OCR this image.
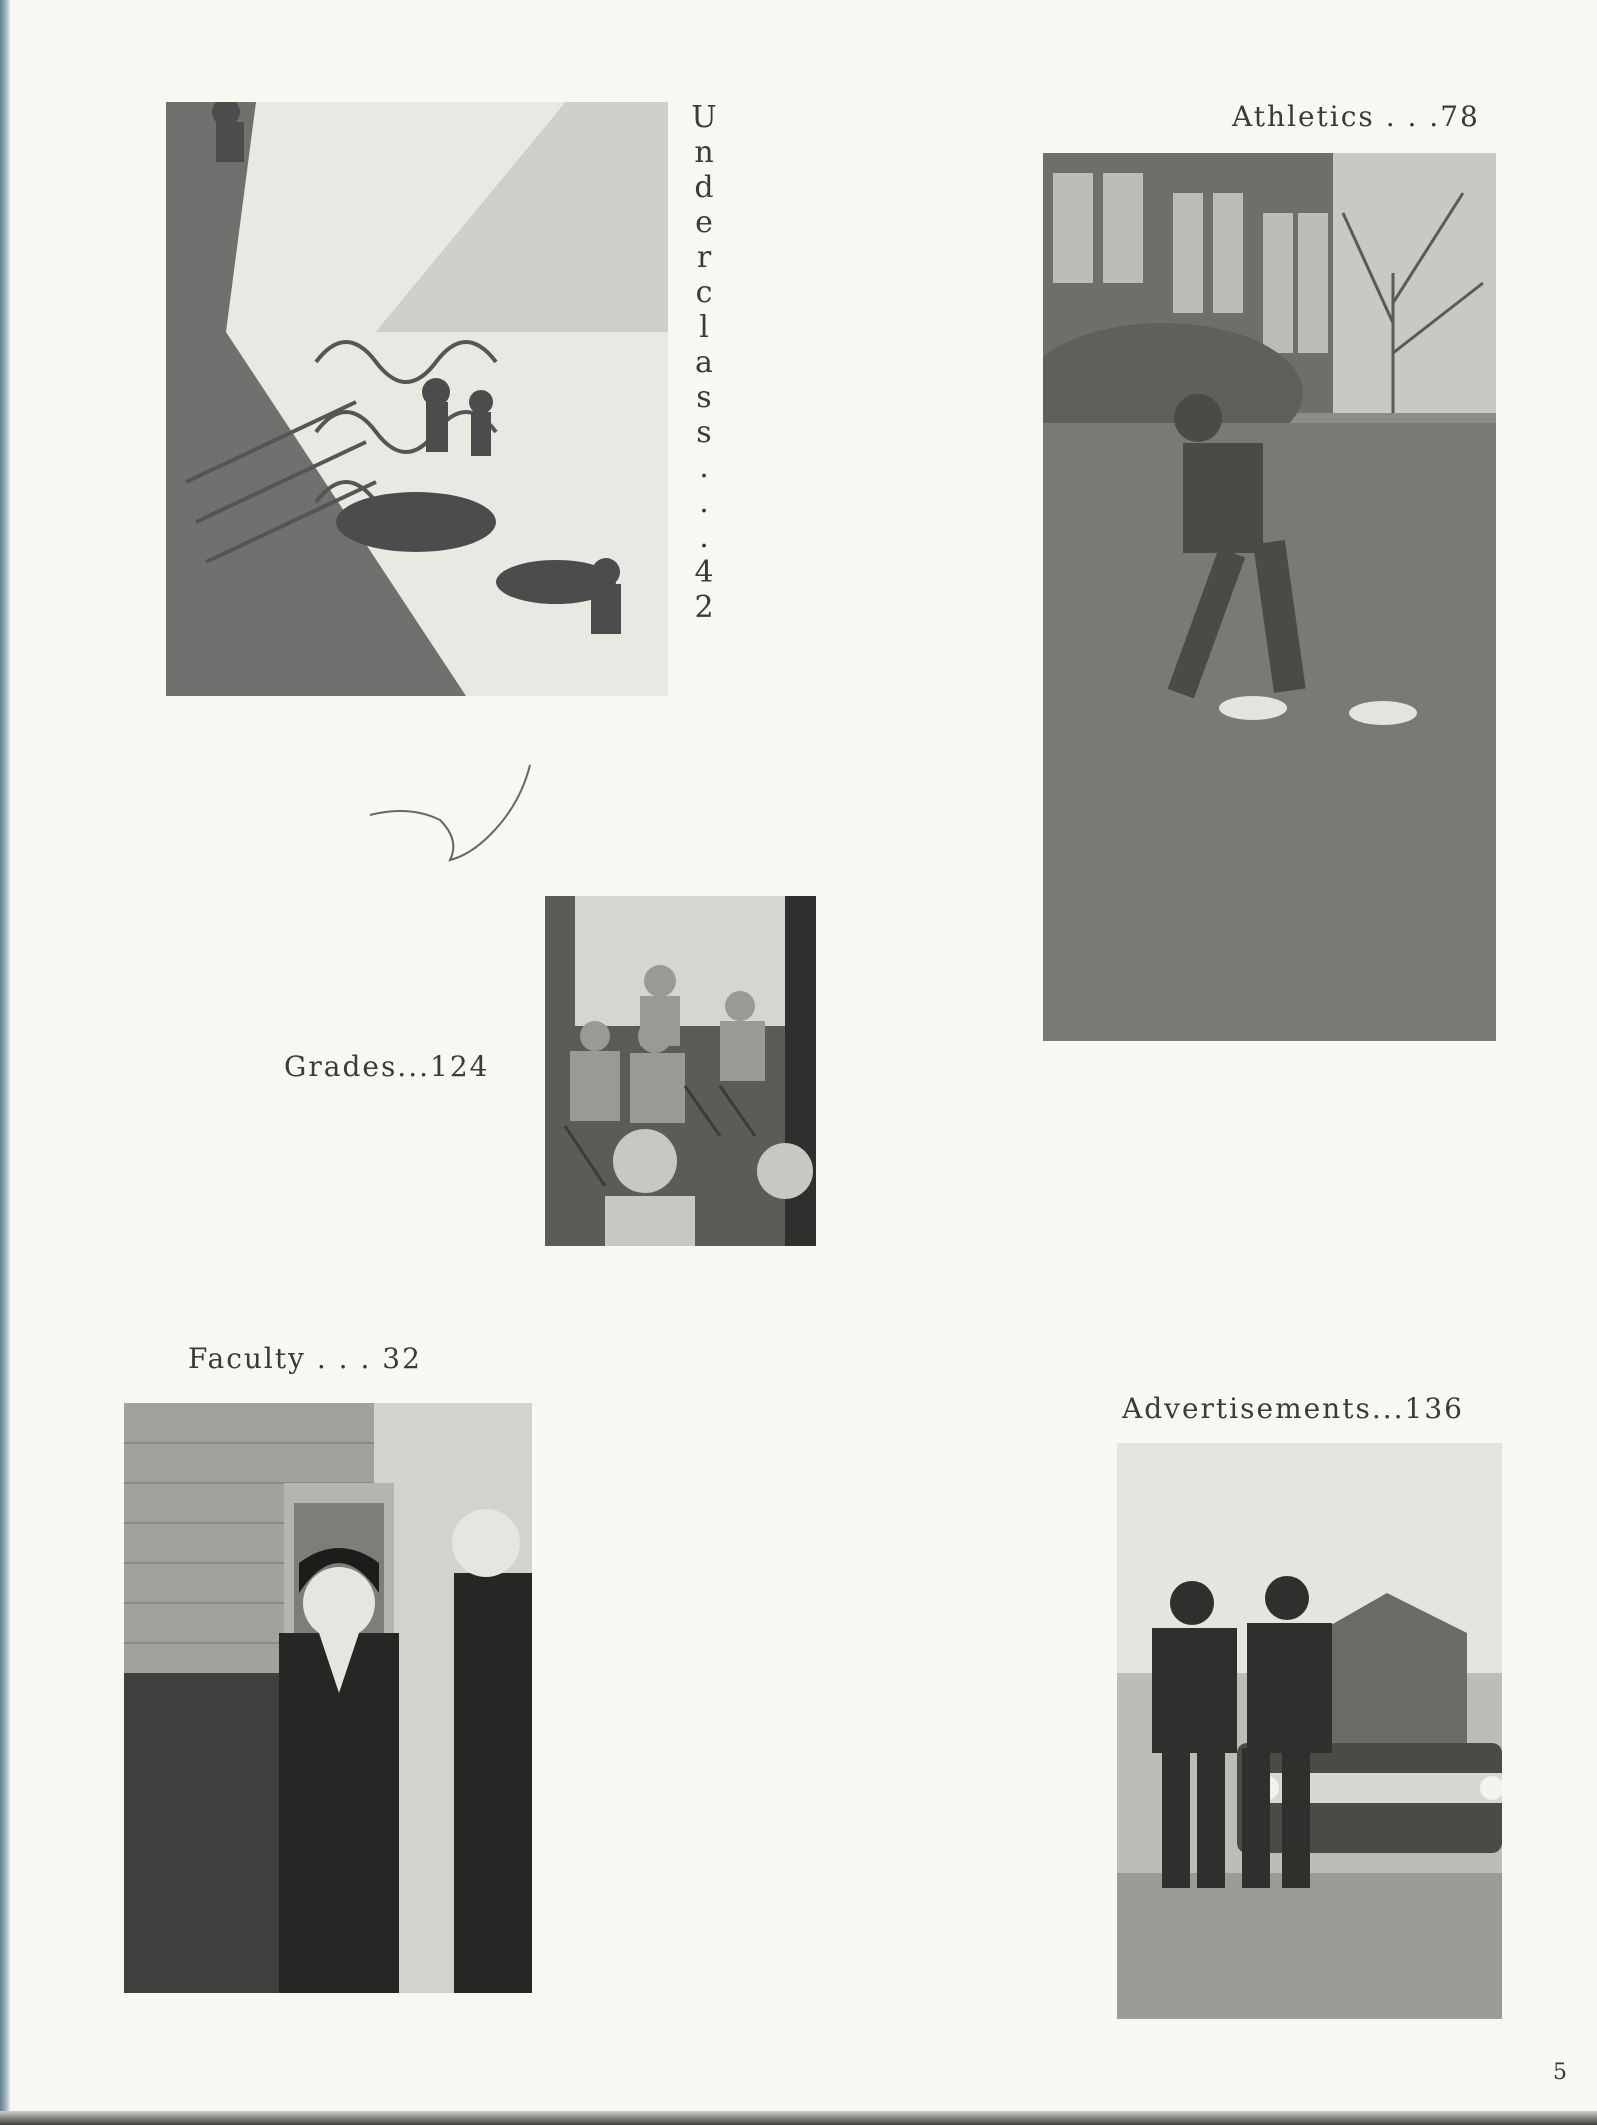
U
n
d
e
r
c
l
a
s
s
.
.
.
4
2
Athletics . . .78
Grades...124
Faculty . . . 32
Advertisements...136
5
